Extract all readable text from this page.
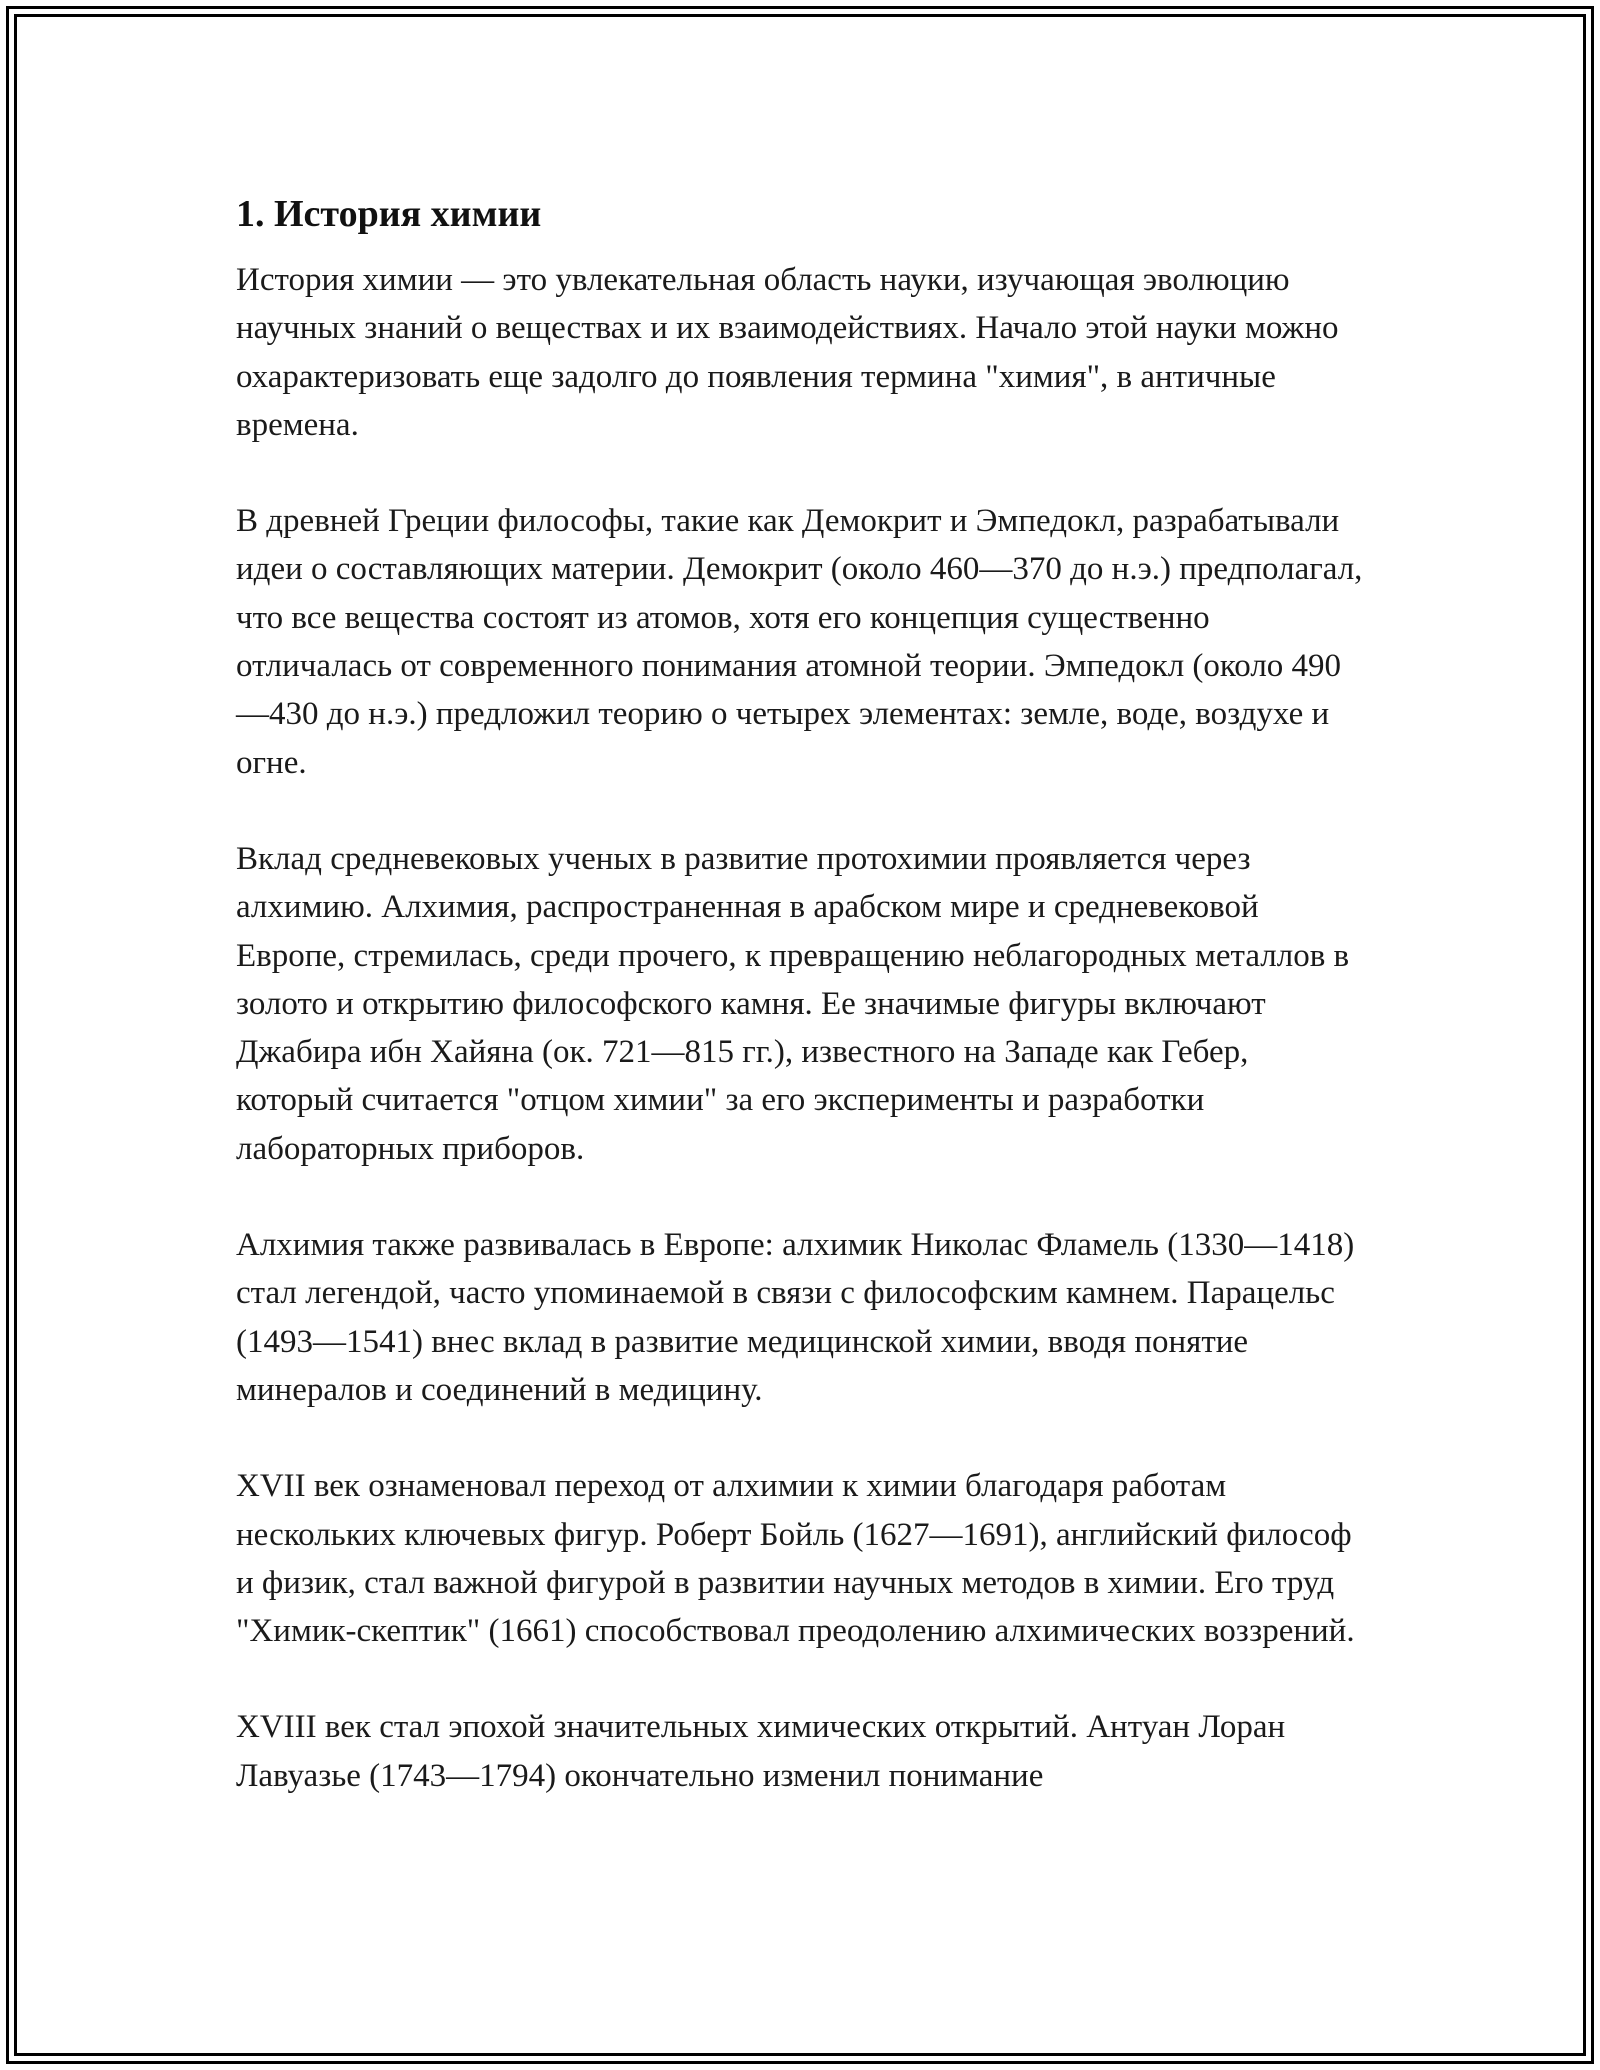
1. История химии

История химии — это увлекательная область науки, изучающая эволюцию научных знаний о веществах и их взаимодействиях. Начало этой науки можно охарактеризовать еще задолго до появления термина "химия", в античные времена.

В древней Греции философы, такие как Демокрит и Эмпедокл, разрабатывали идеи о составляющих материи. Демокрит (около 460—370 до н.э.) предполагал, что все вещества состоят из атомов, хотя его концепция существенно отличалась от современного понимания атомной теории. Эмпедокл (около 490—430 до н.э.) предложил теорию о четырех элементах: земле, воде, воздухе и огне.

Вклад средневековых ученых в развитие протохимии проявляется через алхимию. Алхимия, распространенная в арабском мире и средневековой Европе, стремилась, среди прочего, к превращению неблагородных металлов в золото и открытию философского камня. Ее значимые фигуры включают Джабира ибн Хайяна (ок. 721—815 гг.), известного на Западе как Гебер, который считается "отцом химии" за его эксперименты и разработки лабораторных приборов.

Алхимия также развивалась в Европе: алхимик Николас Фламель (1330—1418) стал легендой, часто упоминаемой в связи с философским камнем. Парацельс (1493—1541) внес вклад в развитие медицинской химии, вводя понятие минералов и соединений в медицину.

XVII век ознаменовал переход от алхимии к химии благодаря работам нескольких ключевых фигур. Роберт Бойль (1627—1691), английский философ и физик, стал важной фигурой в развитии научных методов в химии. Его труд "Химик-скептик" (1661) способствовал преодолению алхимических воззрений.

XVIII век стал эпохой значительных химических открытий. Антуан Лоран Лавуазье (1743—1794) окончательно изменил понимание
